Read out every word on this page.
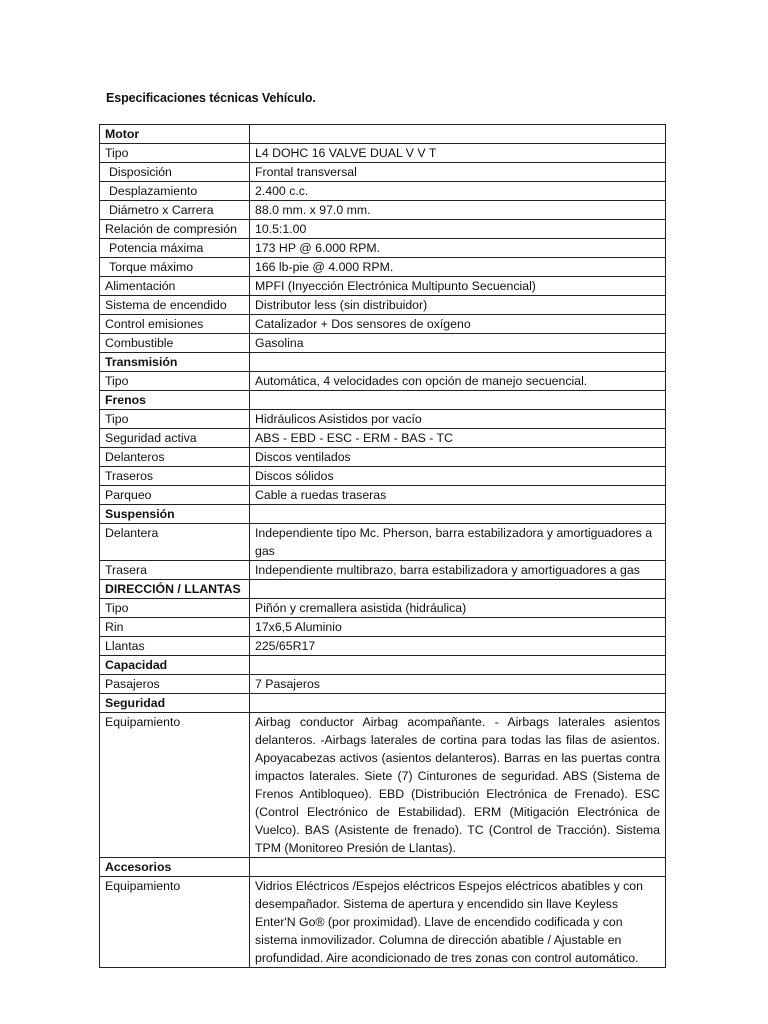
Especificaciones técnicas Vehículo.
Motor	
Tipo	L4 DOHC 16 VALVE DUAL V V T
Disposición	Frontal transversal
Desplazamiento	2.400 c.c.
Diámetro x Carrera	88.0 mm. x 97.0 mm.
Relación de compresión	10.5:1.00
Potencia máxima	173 HP @ 6.000 RPM.
Torque máximo	166 lb-pie @ 4.000 RPM.
Alimentación	MPFI (Inyección Electrónica Multipunto Secuencial)
Sistema de encendido	Distributor less (sin distribuidor)
Control emisiones	Catalizador + Dos sensores de oxígeno
Combustible	Gasolina
Transmisión	
Tipo	Automática, 4 velocidades con opción de manejo secuencial.
Frenos	
Tipo	Hidráulicos Asistidos por vacío
Seguridad activa	ABS - EBD - ESC - ERM - BAS - TC
Delanteros	Discos ventilados
Traseros	Discos sólidos
Parqueo	Cable a ruedas traseras
Suspensión	
Delantera	Independiente tipo Mc. Pherson, barra estabilizadora y amortiguadores a gas
Trasera	Independiente multibrazo, barra estabilizadora y amortiguadores a gas
DIRECCIÓN / LLANTAS	
Tipo	Piñón y cremallera asistida (hidráulica)
Rin	17x6,5 Aluminio
Llantas	225/65R17
Capacidad	
Pasajeros	7 Pasajeros
Seguridad	
Equipamiento	Airbag conductor Airbag acompañante. - Airbags laterales asientos delanteros. -Airbags laterales de cortina para todas las filas de asientos. Apoyacabezas activos (asientos delanteros). Barras en las puertas contra impactos laterales. Siete (7) Cinturones de seguridad. ABS (Sistema de Frenos Antibloqueo). EBD (Distribución Electrónica de Frenado). ESC (Control Electrónico de Estabilidad). ERM (Mitigación Electrónica de Vuelco). BAS (Asistente de frenado). TC (Control de Tracción). Sistema TPM (Monitoreo Presión de Llantas).
Accesorios	
Equipamiento	Vidrios Eléctricos /Espejos eléctricos Espejos eléctricos abatibles y con desempañador. Sistema de apertura y encendido sin llave Keyless Enter'N Go® (por proximidad). Llave de encendido codificada y con sistema inmovilizador. Columna de dirección abatible / Ajustable en profundidad. Aire acondicionado de tres zonas con control automático.
